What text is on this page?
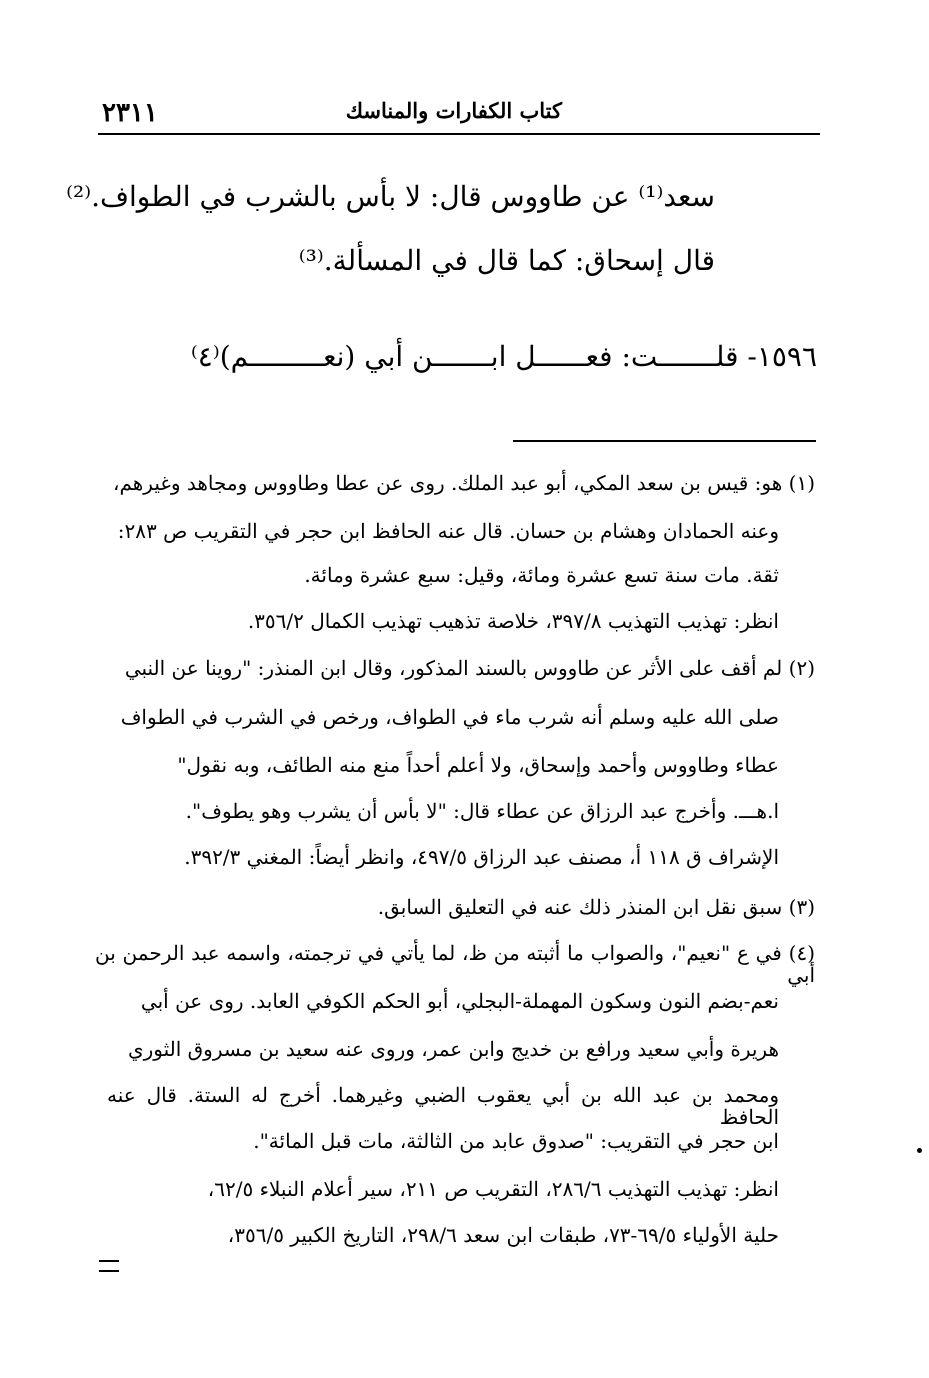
٢٣١١	كتاب الكفارات والمناسك
سعد⁽¹⁾ عن طاووس قال: لا بأس بالشرب في الطواف.⁽²⁾
قال إسحاق: كما قال في المسألة.⁽³⁾
١٥٩٦- قلـــــــت: فعــــــل ابـــــــن أبي (نعـــــــــم)⁽٤⁾
(١) هو: قيس بن سعد المكي، أبو عبد الملك. روى عن عطا وطاووس ومجاهد وغيرهم،
وعنه الحمادان وهشام بن حسان. قال عنه الحافظ ابن حجر في التقريب ص ٢٨٣:
ثقة. مات سنة تسع عشرة ومائة، وقيل: سبع عشرة ومائة.
انظر: تهذيب التهذيب ٣٩٧/٨، خلاصة تذهيب تهذيب الكمال ٣٥٦/٢.
(٢) لم أقف على الأثر عن طاووس بالسند المذكور، وقال ابن المنذر: "روينا عن النبي
صلى الله عليه وسلم أنه شرب ماء في الطواف، ورخص في الشرب في الطواف
عطاء وطاووس وأحمد وإسحاق، ولا أعلم أحداً منع منه الطائف، وبه نقول"
ا.هـــ. وأخرج عبد الرزاق عن عطاء قال: "لا بأس أن يشرب وهو يطوف".
الإشراف ق ١١٨ أ، مصنف عبد الرزاق ٤٩٧/٥، وانظر أيضاً: المغني ٣٩٢/٣.
(٣) سبق نقل ابن المنذر ذلك عنه في التعليق السابق.
(٤) في ع "نعيم"، والصواب ما أثبته من ظ، لما يأتي في ترجمته، واسمه عبد الرحمن بن أبي
نعم-بضم النون وسكون المهملة-البجلي، أبو الحكم الكوفي العابد. روى عن أبي
هريرة وأبي سعيد ورافع بن خديج وابن عمر، وروى عنه سعيد بن مسروق الثوري
ومحمد بن عبد الله بن أبي يعقوب الضبي وغيرهما. أخرج له الستة. قال عنه الحافظ
ابن حجر في التقريب: "صدوق عابد من الثالثة، مات قبل المائة".
انظر: تهذيب التهذيب ٢٨٦/٦، التقريب ص ٢١١، سير أعلام النبلاء ٦٢/٥،
حلية الأولياء ٦٩/٥-٧٣، طبقات ابن سعد ٢٩٨/٦، التاريخ الكبير ٣٥٦/٥،
